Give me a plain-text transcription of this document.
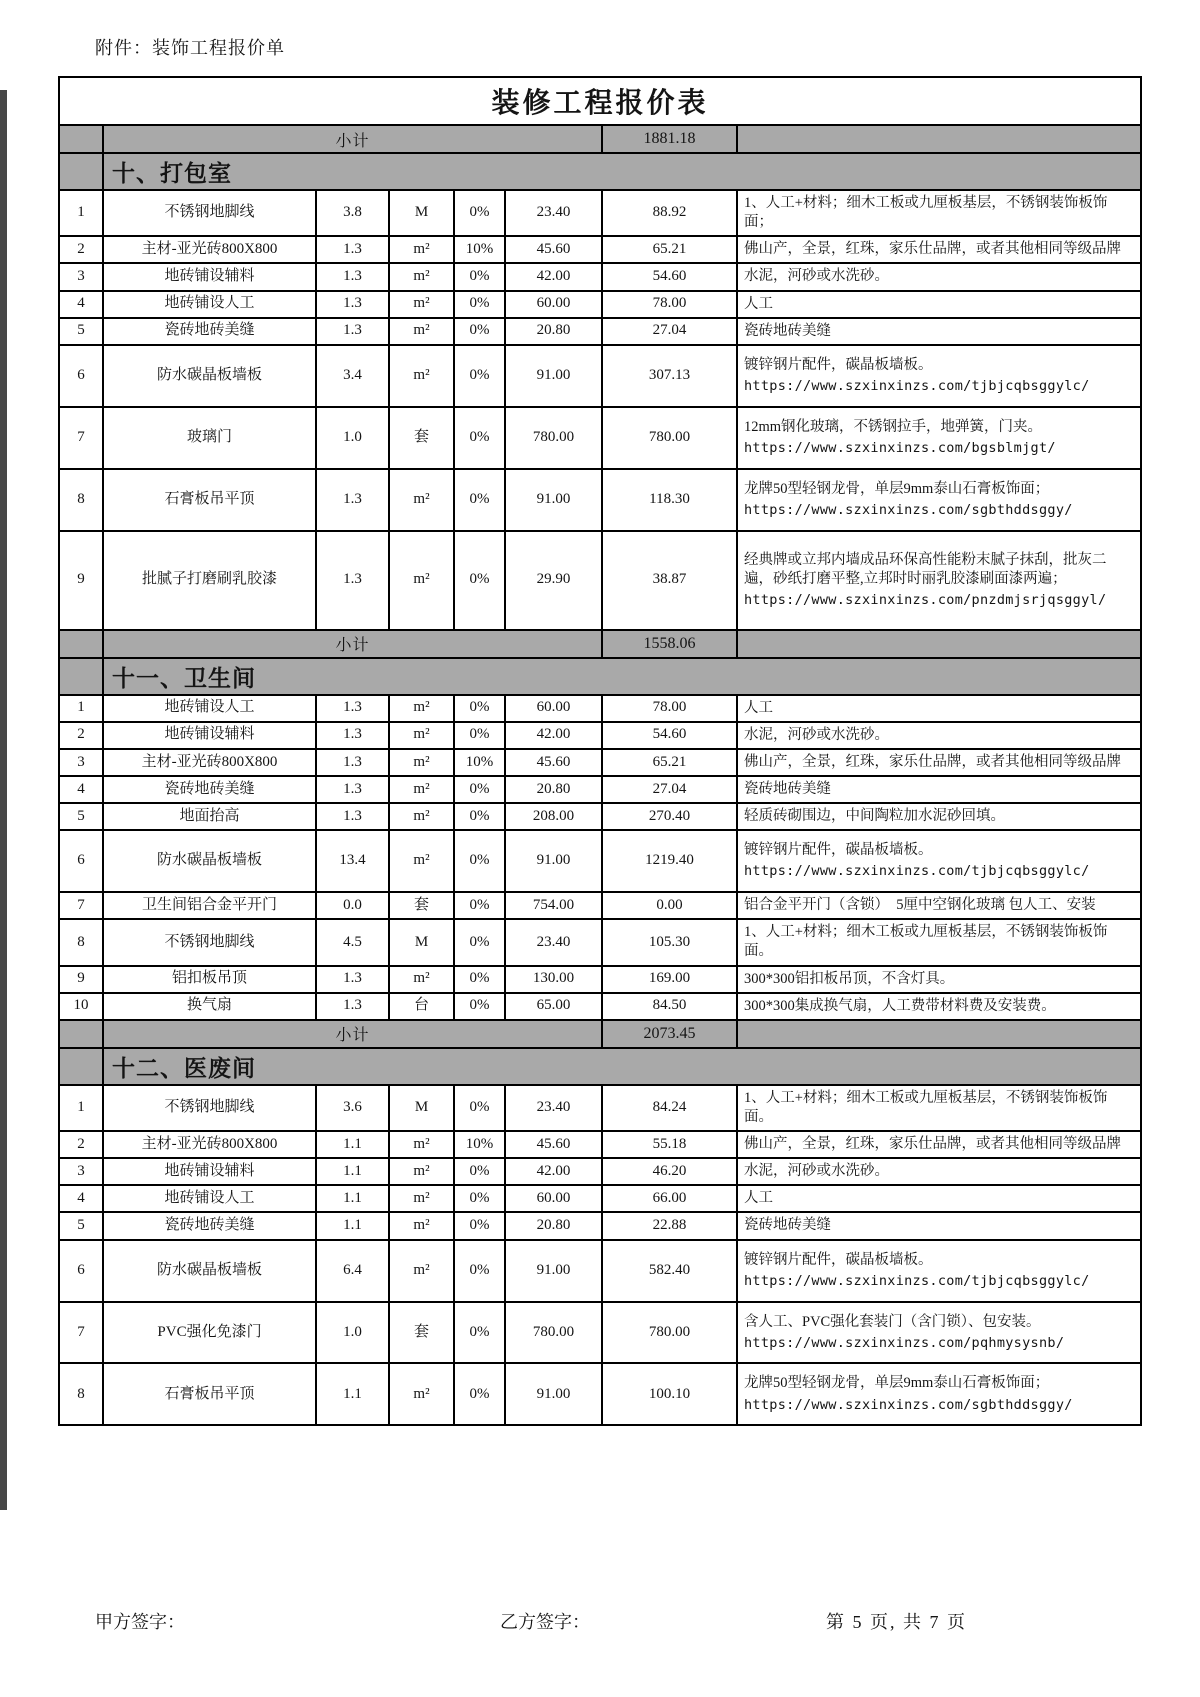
附件：装饰工程报价单
装修工程报价表							
	小计					1881.18	
	十、打包室						
1	不锈钢地脚线	3.8	M	0%	23.40	88.92	1、人工+材料；细木工板或九厘板基层，不锈钢装饰板饰面；

2	主材-亚光砖800X800	1.3	m²	10%	45.60	65.21	佛山产，全景，红珠，家乐仕品牌，或者其他相同等级品牌

3	地砖铺设辅料	1.3	m²	0%	42.00	54.60	水泥，河砂或水洗砂。

4	地砖铺设人工	1.3	m²	0%	60.00	78.00	人工

5	瓷砖地砖美缝	1.3	m²	0%	20.80	27.04	瓷砖地砖美缝

6	防水碳晶板墙板	3.4	m²	0%	91.00	307.13	镀锌钢片配件，碳晶板墙板。
https://www.szxinxinzs.com/tjbjcqbsggylc/

7	玻璃门	1.0	套	0%	780.00	780.00	12mm钢化玻璃，不锈钢拉手，地弹簧，门夹。
https://www.szxinxinzs.com/bgsblmjgt/

8	石膏板吊平顶	1.3	m²	0%	91.00	118.30	龙牌50型轻钢龙骨，单层9mm泰山石膏板饰面；
https://www.szxinxinzs.com/sgbthddsggy/

9	批腻子打磨刷乳胶漆	1.3	m²	0%	29.90	38.87	经典牌或立邦内墙成品环保高性能粉末腻子抹刮，批灰二遍，砂纸打磨平整,立邦时时丽乳胶漆刷面漆两遍；
https://www.szxinxinzs.com/pnzdmjsrjqsggyl/

	小计					1558.06	
	十一、卫生间						
1	地砖铺设人工	1.3	m²	0%	60.00	78.00	人工

2	地砖铺设辅料	1.3	m²	0%	42.00	54.60	水泥，河砂或水洗砂。

3	主材-亚光砖800X800	1.3	m²	10%	45.60	65.21	佛山产，全景，红珠，家乐仕品牌，或者其他相同等级品牌

4	瓷砖地砖美缝	1.3	m²	0%	20.80	27.04	瓷砖地砖美缝

5	地面抬高	1.3	m²	0%	208.00	270.40	轻质砖砌围边，中间陶粒加水泥砂回填。

6	防水碳晶板墙板	13.4	m²	0%	91.00	1219.40	镀锌钢片配件，碳晶板墙板。
https://www.szxinxinzs.com/tjbjcqbsggylc/

7	卫生间铝合金平开门	0.0	套	0%	754.00	0.00	铝合金平开门（含锁）　5厘中空钢化玻璃 包人工、安装

8	不锈钢地脚线	4.5	M	0%	23.40	105.30	1、人工+材料；细木工板或九厘板基层，不锈钢装饰板饰面。

9	铝扣板吊顶	1.3	m²	0%	130.00	169.00	300*300铝扣板吊顶，不含灯具。

10	换气扇	1.3	台	0%	65.00	84.50	300*300集成换气扇，人工费带材料费及安装费。

	小计					2073.45	
	十二、医废间						
1	不锈钢地脚线	3.6	M	0%	23.40	84.24	1、人工+材料；细木工板或九厘板基层，不锈钢装饰板饰面。

2	主材-亚光砖800X800	1.1	m²	10%	45.60	55.18	佛山产，全景，红珠，家乐仕品牌，或者其他相同等级品牌

3	地砖铺设辅料	1.1	m²	0%	42.00	46.20	水泥，河砂或水洗砂。

4	地砖铺设人工	1.1	m²	0%	60.00	66.00	人工

5	瓷砖地砖美缝	1.1	m²	0%	20.80	22.88	瓷砖地砖美缝

6	防水碳晶板墙板	6.4	m²	0%	91.00	582.40	镀锌钢片配件，碳晶板墙板。
https://www.szxinxinzs.com/tjbjcqbsggylc/

7	PVC强化免漆门	1.0	套	0%	780.00	780.00	含人工、PVC强化套装门（含门锁）、包安装。
https://www.szxinxinzs.com/pqhmysysnb/

8	石膏板吊平顶	1.1	m²	0%	91.00	100.10	龙牌50型轻钢龙骨，单层9mm泰山石膏板饰面；
https://www.szxinxinzs.com/sgbthddsggy/
甲方签字：	乙方签字：	第 5 页, 共 7 页
